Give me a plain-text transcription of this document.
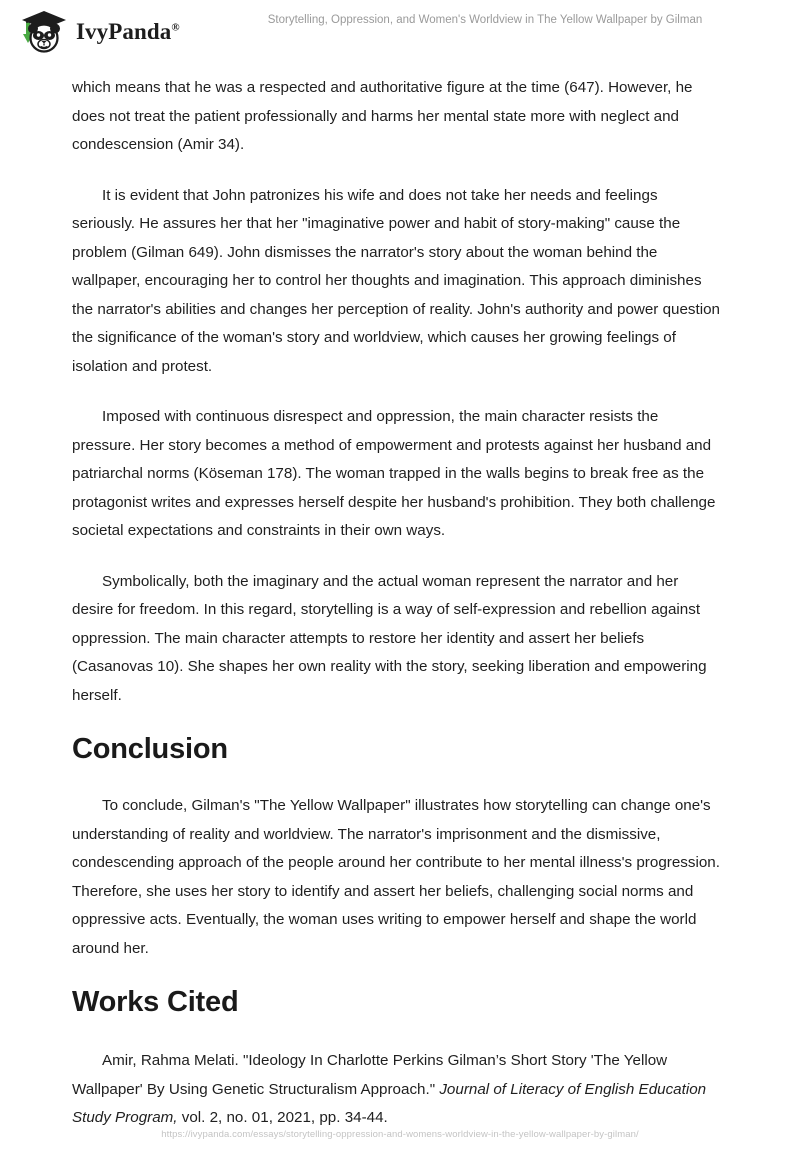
IvyPanda®
Storytelling, Oppression, and Women's Worldview in The Yellow Wallpaper by Gilman

which means that he was a respected and authoritative figure at the time (647). However, he does not treat the patient professionally and harms her mental state more with neglect and condescension (Amir 34).

It is evident that John patronizes his wife and does not take her needs and feelings seriously. He assures her that her "imaginative power and habit of story-making" cause the problem (Gilman 649). John dismisses the narrator's story about the woman behind the wallpaper, encouraging her to control her thoughts and imagination. This approach diminishes the narrator's abilities and changes her perception of reality. John's authority and power question the significance of the woman's story and worldview, which causes her growing feelings of isolation and protest.

Imposed with continuous disrespect and oppression, the main character resists the pressure. Her story becomes a method of empowerment and protests against her husband and patriarchal norms (Köseman 178). The woman trapped in the walls begins to break free as the protagonist writes and expresses herself despite her husband's prohibition. They both challenge societal expectations and constraints in their own ways.

Symbolically, both the imaginary and the actual woman represent the narrator and her desire for freedom. In this regard, storytelling is a way of self-expression and rebellion against oppression. The main character attempts to restore her identity and assert her beliefs (Casanovas 10). She shapes her own reality with the story, seeking liberation and empowering herself.

Conclusion

To conclude, Gilman's "The Yellow Wallpaper" illustrates how storytelling can change one's understanding of reality and worldview. The narrator's imprisonment and the dismissive, condescending approach of the people around her contribute to her mental illness's progression. Therefore, she uses her story to identify and assert her beliefs, challenging social norms and oppressive acts. Eventually, the woman uses writing to empower herself and shape the world around her.

Works Cited

Amir, Rahma Melati. "Ideology In Charlotte Perkins Gilman’s Short Story 'The Yellow Wallpaper' By Using Genetic Structuralism Approach." Journal of Literacy of English Education Study Program, vol. 2, no. 01, 2021, pp. 34-44.

https://ivypanda.com/essays/storytelling-oppression-and-womens-worldview-in-the-yellow-wallpaper-by-gilman/
